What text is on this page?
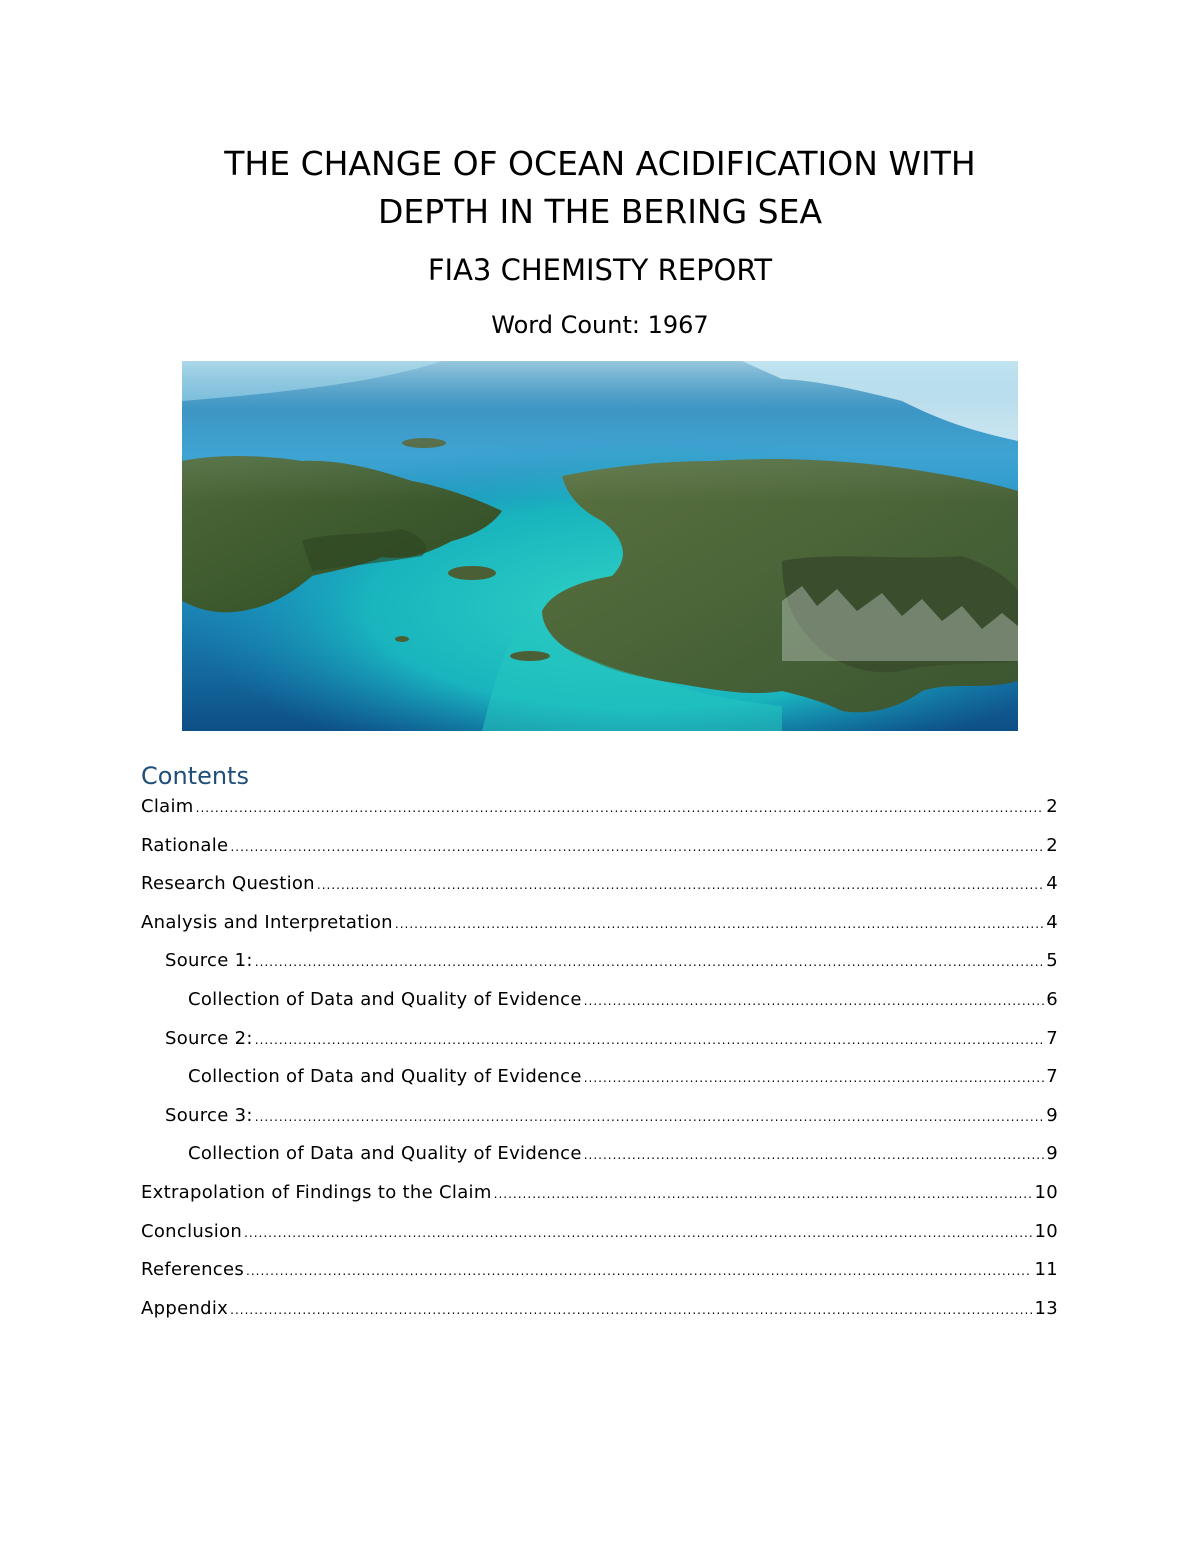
THE CHANGE OF OCEAN ACIDIFICATION WITH
DEPTH IN THE BERING SEA

FIA3 CHEMISTY REPORT

Word Count: 1967

Contents
Claim .....	2
Rationale .....	2
Research Question .....	4
Analysis and Interpretation .....	4
Source 1: .....	5
Collection of Data and Quality of Evidence .....	6
Source 2: .....	7
Collection of Data and Quality of Evidence .....	7
Source 3: .....	9
Collection of Data and Quality of Evidence .....	9
Extrapolation of Findings to the Claim .....	10
Conclusion .....	10
References .....	11
Appendix .....	13
